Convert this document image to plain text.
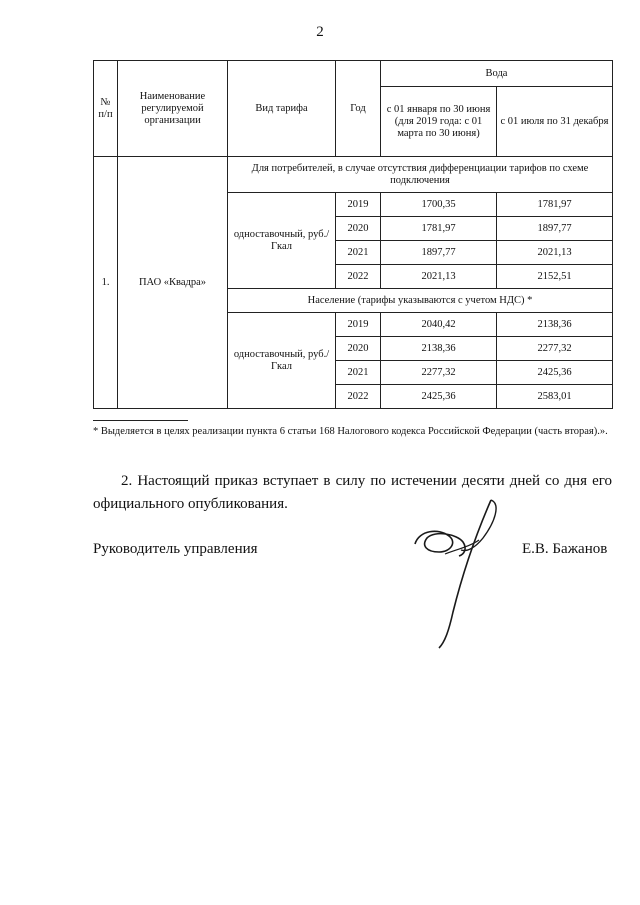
2
№ п/п	Наименование регулируемой организации	Вид тарифа	Год	Вода	
				с 01 января по 30 июня (для 2019 года: с 01 марта по 30 июня)	с 01 июля по 31 декабря
1.	ПАО «Квадра»	Для потребителей, в случае отсутствия дифференциации тарифов по схеме подключения			
		одноставочный, руб./Гкал	2019	1700,35	1781,97
			2020	1781,97	1897,77
			2021	1897,77	2021,13
			2022	2021,13	2152,51
		Население (тарифы указываются с учетом НДС) *			
		одноставочный, руб./Гкал	2019	2040,42	2138,36
			2020	2138,36	2277,32
			2021	2277,32	2425,36
			2022	2425,36	2583,01
* Выделяется в целях реализации пункта 6 статьи 168 Налогового кодекса Российской Федерации (часть вторая).».
2. Настоящий приказ вступает в силу по истечении десяти дней со дня его официального опубликования.
Руководитель управления	Е.В. Бажанов
